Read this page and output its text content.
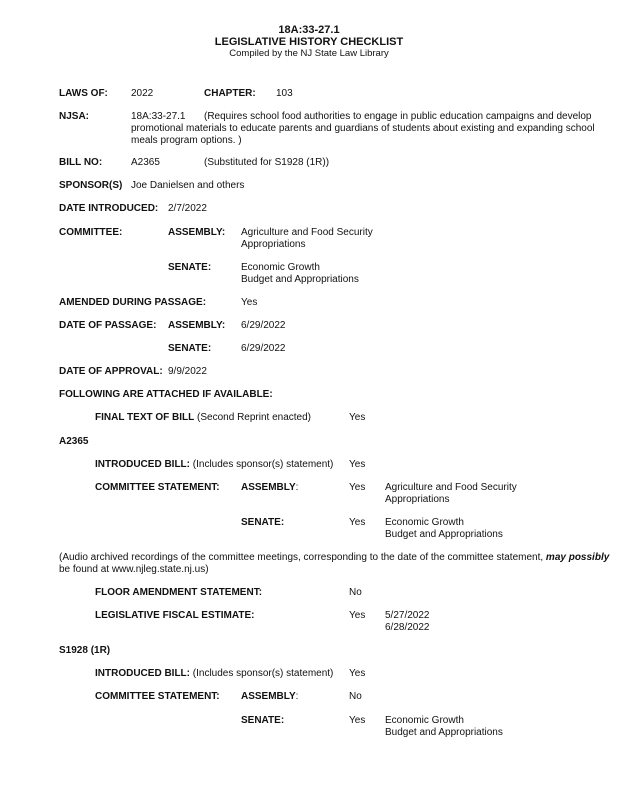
18A:33-27.1
LEGISLATIVE HISTORY CHECKLIST
Compiled by the NJ State Law Library
LAWS OF: 2022	CHAPTER: 103
NJSA:	18A:33-27.1 (Requires school food authorities to engage in public education campaigns and develop
promotional materials to educate parents and guardians of students about existing and expanding school
meals program options. )
BILL NO:	A2365	(Substituted for S1928 (1R))
SPONSOR(S) Joe Danielsen and others
DATE INTRODUCED: 2/7/2022
COMMITTEE:	ASSEMBLY: Agriculture and Food Security
Appropriations
SENATE:	Economic Growth
Budget and Appropriations
AMENDED DURING PASSAGE:	Yes
DATE OF PASSAGE: ASSEMBLY: 6/29/2022
SENATE:	6/29/2022
DATE OF APPROVAL: 9/9/2022
FOLLOWING ARE ATTACHED IF AVAILABLE:
FINAL TEXT OF BILL (Second Reprint enacted)	Yes
A2365
INTRODUCED BILL: (Includes sponsor(s) statement) Yes
COMMITTEE STATEMENT: ASSEMBLY:	Yes Agriculture and Food Security
Appropriations
SENATE:	Yes Economic Growth
Budget and Appropriations
(Audio archived recordings of the committee meetings, corresponding to the date of the committee statement, may possibly
be found at www.njleg.state.nj.us)
FLOOR AMENDMENT STATEMENT:	No
LEGISLATIVE FISCAL ESTIMATE:	Yes 5/27/2022
6/28/2022
S1928 (1R)
INTRODUCED BILL: (Includes sponsor(s) statement) Yes
COMMITTEE STATEMENT: ASSEMBLY:	No
SENATE:	Yes Economic Growth
Budget and Appropriations
